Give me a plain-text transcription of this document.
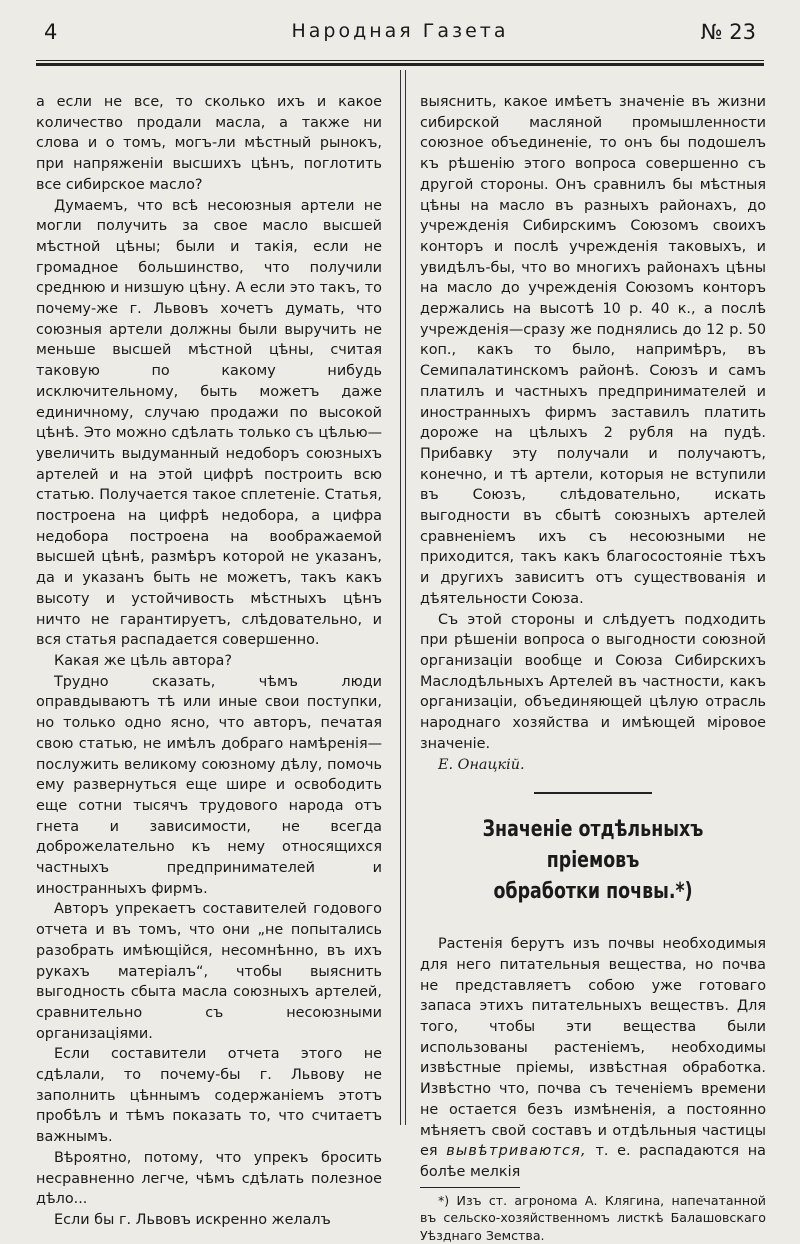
4	Народная Газета	№ 23

а если не все, то сколько ихъ и какое количество продали масла, а также ни слова и о томъ, могъ-ли мѣстный рынокъ, при напряженіи высшихъ цѣнъ, поглотить все сибирское масло?

Думаемъ, что всѣ несоюзныя артели не могли получить за свое масло высшей мѣстной цѣны; были и такія, если не громадное большинство, что получили среднюю и низшую цѣну. А если это такъ, то почему-же г. Львовъ хочетъ думать, что союзныя артели должны были выручить не меньше высшей мѣстной цѣны, считая таковую по какому нибудь исключительному, быть можетъ даже единичному, случаю продажи по высокой цѣнѣ. Это можно сдѣлать только съ цѣлью—увеличить выдуманный недоборъ союзныхъ артелей и на этой цифрѣ построить всю статью. Получается такое сплетеніе. Статья, построена на цифрѣ недобора, а цифра недобора построена на воображаемой высшей цѣнѣ, размѣръ которой не указанъ, да и указанъ быть не можетъ, такъ какъ высоту и устойчивость мѣстныхъ цѣнъ ничто не гарантируетъ, слѣдовательно, и вся статья распадается совершенно.

Какая же цѣль автора?

Трудно сказать, чѣмъ люди оправдываютъ тѣ или иные свои поступки, но только одно ясно, что авторъ, печатая свою статью, не имѣлъ добраго намѣренія—послужить великому союзному дѣлу, помочь ему развернуться еще шире и освободить еще сотни тысячъ трудового народа отъ гнета и зависимости, не всегда доброжелательно къ нему относящихся частныхъ предпринимателей и иностранныхъ фирмъ.

Авторъ упрекаетъ составителей годового отчета и въ томъ, что они „не попытались разобрать имѣющійся, несомнѣнно, въ ихъ рукахъ матеріалъ“, чтобы выяснить выгодность сбыта масла союзныхъ артелей, сравнительно съ несоюзными организаціями.

Если составители отчета этого не сдѣлали, то почему-бы г. Львову не заполнить цѣннымъ содержаніемъ этотъ пробѣлъ и тѣмъ показать то, что считаетъ важнымъ.

Вѣроятно, потому, что упрекъ бросить несравненно легче, чѣмъ сдѣлать полезное дѣло...

Если бы г. Львовъ искренно желалъ

выяснить, какое имѣетъ значеніе въ жизни сибирской масляной промышленности союзное объединеніе, то онъ бы подошелъ къ рѣшенію этого вопроса совершенно съ другой стороны. Онъ сравнилъ бы мѣстныя цѣны на масло въ разныхъ районахъ, до учрежденія Сибирскимъ Союзомъ своихъ конторъ и послѣ учрежденія таковыхъ, и увидѣлъ-бы, что во многихъ районахъ цѣны на масло до учрежденія Союзомъ конторъ держались на высотѣ 10 р. 40 к., а послѣ учрежденія—сразу же поднялись до 12 р. 50 коп., какъ то было, напримѣръ, въ Семипалатинскомъ районѣ. Союзъ и самъ платилъ и частныхъ предпринимателей и иностранныхъ фирмъ заставилъ платить дороже на цѣлыхъ 2 рубля на пудѣ. Прибавку эту получали и получаютъ, конечно, и тѣ артели, которыя не вступили въ Союзъ, слѣдовательно, искать выгодности въ сбытѣ союзныхъ артелей сравненіемъ ихъ съ несоюзными не приходится, такъ какъ благосостояніе тѣхъ и другихъ зависитъ отъ существованія и дѣятельности Союза.

Съ этой стороны и слѣдуетъ подходить при рѣшеніи вопроса о выгодности союзной организаціи вообще и Союза Сибирскихъ Маслодѣльныхъ Артелей въ частности, какъ организаціи, объединяющей цѣлую отрасль народнаго хозяйства и имѣющей міровое значеніе.

Е. Онацкій.

Значеніе отдѣльныхъ пріемовъ
обработки почвы.*)

Растенія берутъ изъ почвы необходимыя для него питательныя вещества, но почва не представляетъ собою уже готоваго запаса этихъ питательныхъ веществъ. Для того, чтобы эти вещества были использованы растеніемъ, необходимы извѣстные пріемы, извѣстная обработка. Извѣстно что, почва съ теченіемъ времени не остается безъ измѣненія, а постоянно мѣняетъ свой составъ и отдѣльныя частицы ея вывѣтриваются, т. е. распадаются на болѣе мелкія

*) Изъ ст. агронома А. Клягина, напечатанной въ сельско-хозяйственномъ листкѣ Балашовскаго Уѣзднаго Земства.
